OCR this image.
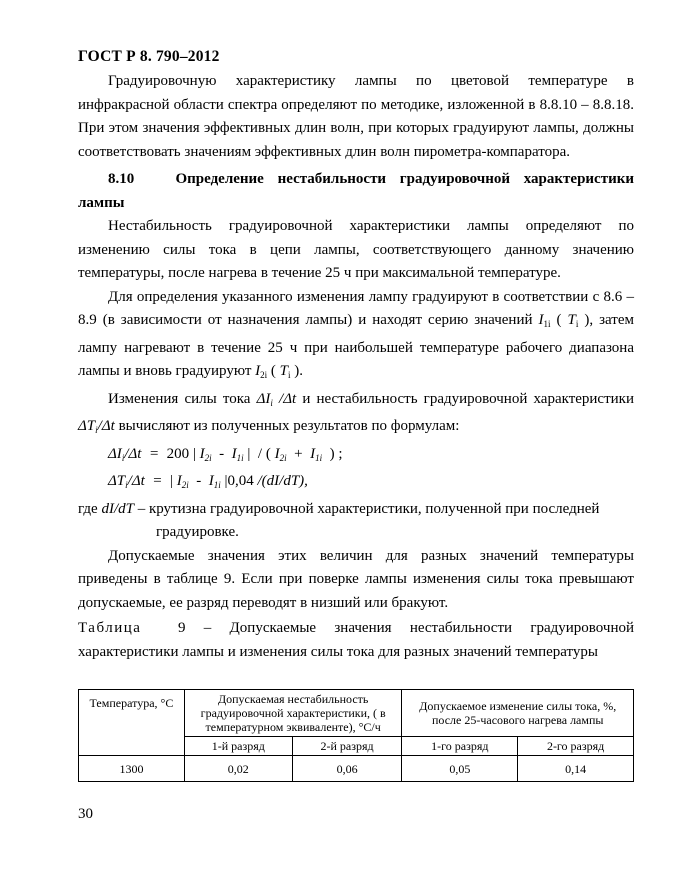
ГОСТ Р 8. 790–2012

Градуировочную характеристику лампы по цветовой температуре в инфракрасной области спектра определяют по методике, изложенной в 8.8.10 – 8.8.18. При этом значения эффективных длин волн, при которых градуируют лампы, должны соответствовать значениям эффективных длин волн пирометра-компаратора.

8.10	Определение нестабильности градуировочной характеристики

лампы

Нестабильность градуировочной характеристики лампы определяют по изменению силы тока в цепи лампы, соответствующего данному значению температуры, после нагрева в течение 25 ч при максимальной температуре.

Для определения указанного изменения лампу градуируют в соответствии с 8.6 – 8.9 (в зависимости от назначения лампы) и находят серию значений $I_{1i}$ ( $T_i$ ), затем лампу нагревают в течение 25 ч при наибольшей температуре рабочего диапазона лампы и вновь градуируют $I_{2i}$ ( $T_i$ ).

Изменения силы тока $\Delta I_i$ /Δt и нестабильность градуировочной характеристики $\Delta T_i/\Delta t$ вычисляют из полученных результатов по формулам:

$\Delta I_i/\Delta t = 200$ | $I_{2i} - I_{1i}$ | / ( $I_{2i} + I_{1i}$ ) ;

$\Delta T_i/\Delta t$  =  | $I_{2i} - I_{1i}$ |0,04 /(dI/dT),

где dI/dT – крутизна градуировочной характеристики, полученной при последней

градуировке.

Допускаемые значения этих величин для разных значений температуры приведены в таблице 9. Если при поверке лампы изменения силы тока превышают допускаемые, ее разряд переводят в низший или бракуют.

Таблица 9 – Допускаемые значения нестабильности градуировочной характеристики лампы и изменения силы тока для разных значений температуры

Температура, °С	Допускаемая нестабильность градуировочной характеристики, ( в температурном эквиваленте), °С/ч		Допускаемое изменение силы тока, %, после 25-часового нагрева лампы	
	1-й разряд	2-й разряд	1-го разряд	2-го разряд
1300	0,02	0,06	0,05	0,14
30
